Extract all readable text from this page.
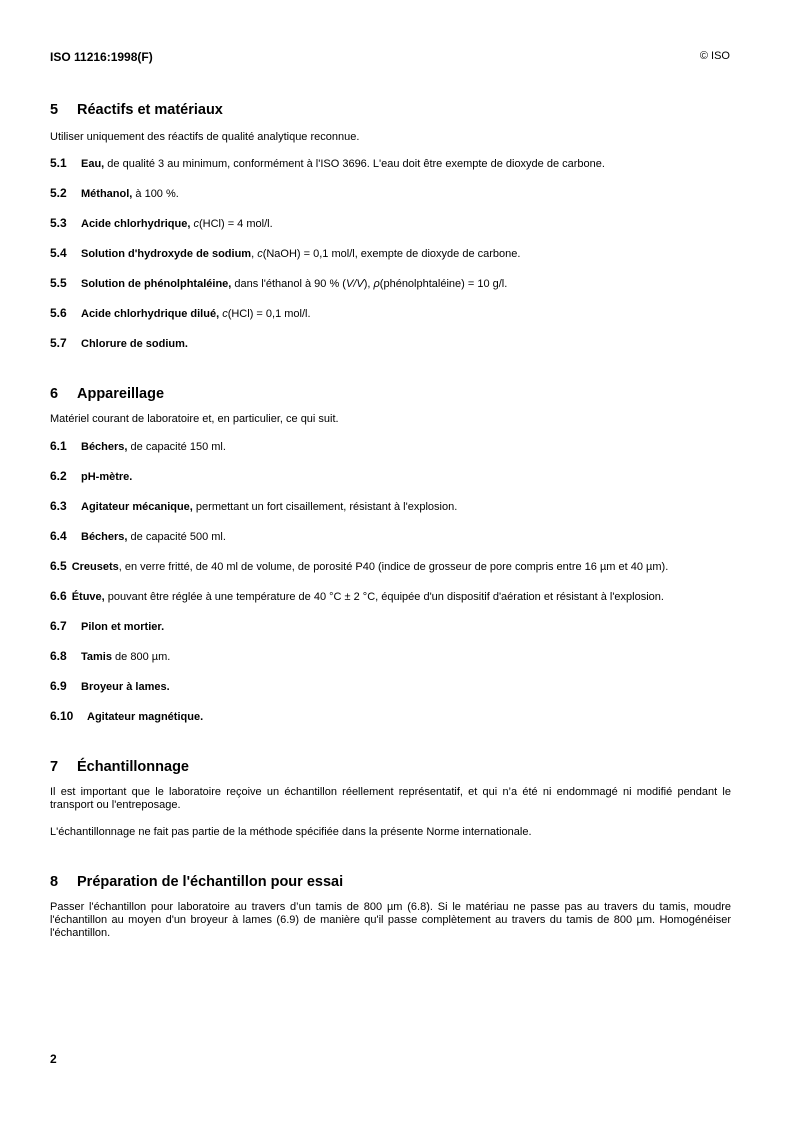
ISO 11216:1998(F)	© ISO
5 Réactifs et matériaux

Utiliser uniquement des réactifs de qualité analytique reconnue.

5.1 Eau, de qualité 3 au minimum, conformément à l'ISO 3696. L'eau doit être exempte de dioxyde de carbone.
5.2 Méthanol, à 100 %.
5.3 Acide chlorhydrique, c(HCl) = 4 mol/l.
5.4 Solution d'hydroxyde de sodium, c(NaOH) = 0,1 mol/l, exempte de dioxyde de carbone.
5.5 Solution de phénolphtaléine, dans l'éthanol à 90 % (V/V), ρ(phénolphtaléine) = 10 g/l.
5.6 Acide chlorhydrique dilué, c(HCl) = 0,1 mol/l.
5.7 Chlorure de sodium.
6 Appareillage

Matériel courant de laboratoire et, en particulier, ce qui suit.

6.1 Béchers, de capacité 150 ml.
6.2 pH-mètre.
6.3 Agitateur mécanique, permettant un fort cisaillement, résistant à l'explosion.
6.4 Béchers, de capacité 500 ml.
6.5 Creusets, en verre fritté, de 40 ml de volume, de porosité P40 (indice de grosseur de pore compris entre 16 µm et 40 µm).
6.6 Étuve, pouvant être réglée à une température de 40 °C ± 2 °C, équipée d'un dispositif d'aération et résistant à l'explosion.
6.7 Pilon et mortier.
6.8 Tamis de 800 µm.
6.9 Broyeur à lames.
6.10 Agitateur magnétique.
7 Échantillonnage

Il est important que le laboratoire reçoive un échantillon réellement représentatif, et qui n’a été ni endommagé ni modifié pendant le transport ou l'entreposage.

L'échantillonnage ne fait pas partie de la méthode spécifiée dans la présente Norme internationale.

8 Préparation de l'échantillon pour essai

Passer l'échantillon pour laboratoire au travers d’un tamis de 800 µm (6.8). Si le matériau ne passe pas au travers du tamis, moudre l'échantillon au moyen d'un broyeur à lames (6.9) de manière qu'il passe complètement au travers du tamis de 800 µm. Homogénéiser l'échantillon.

2
